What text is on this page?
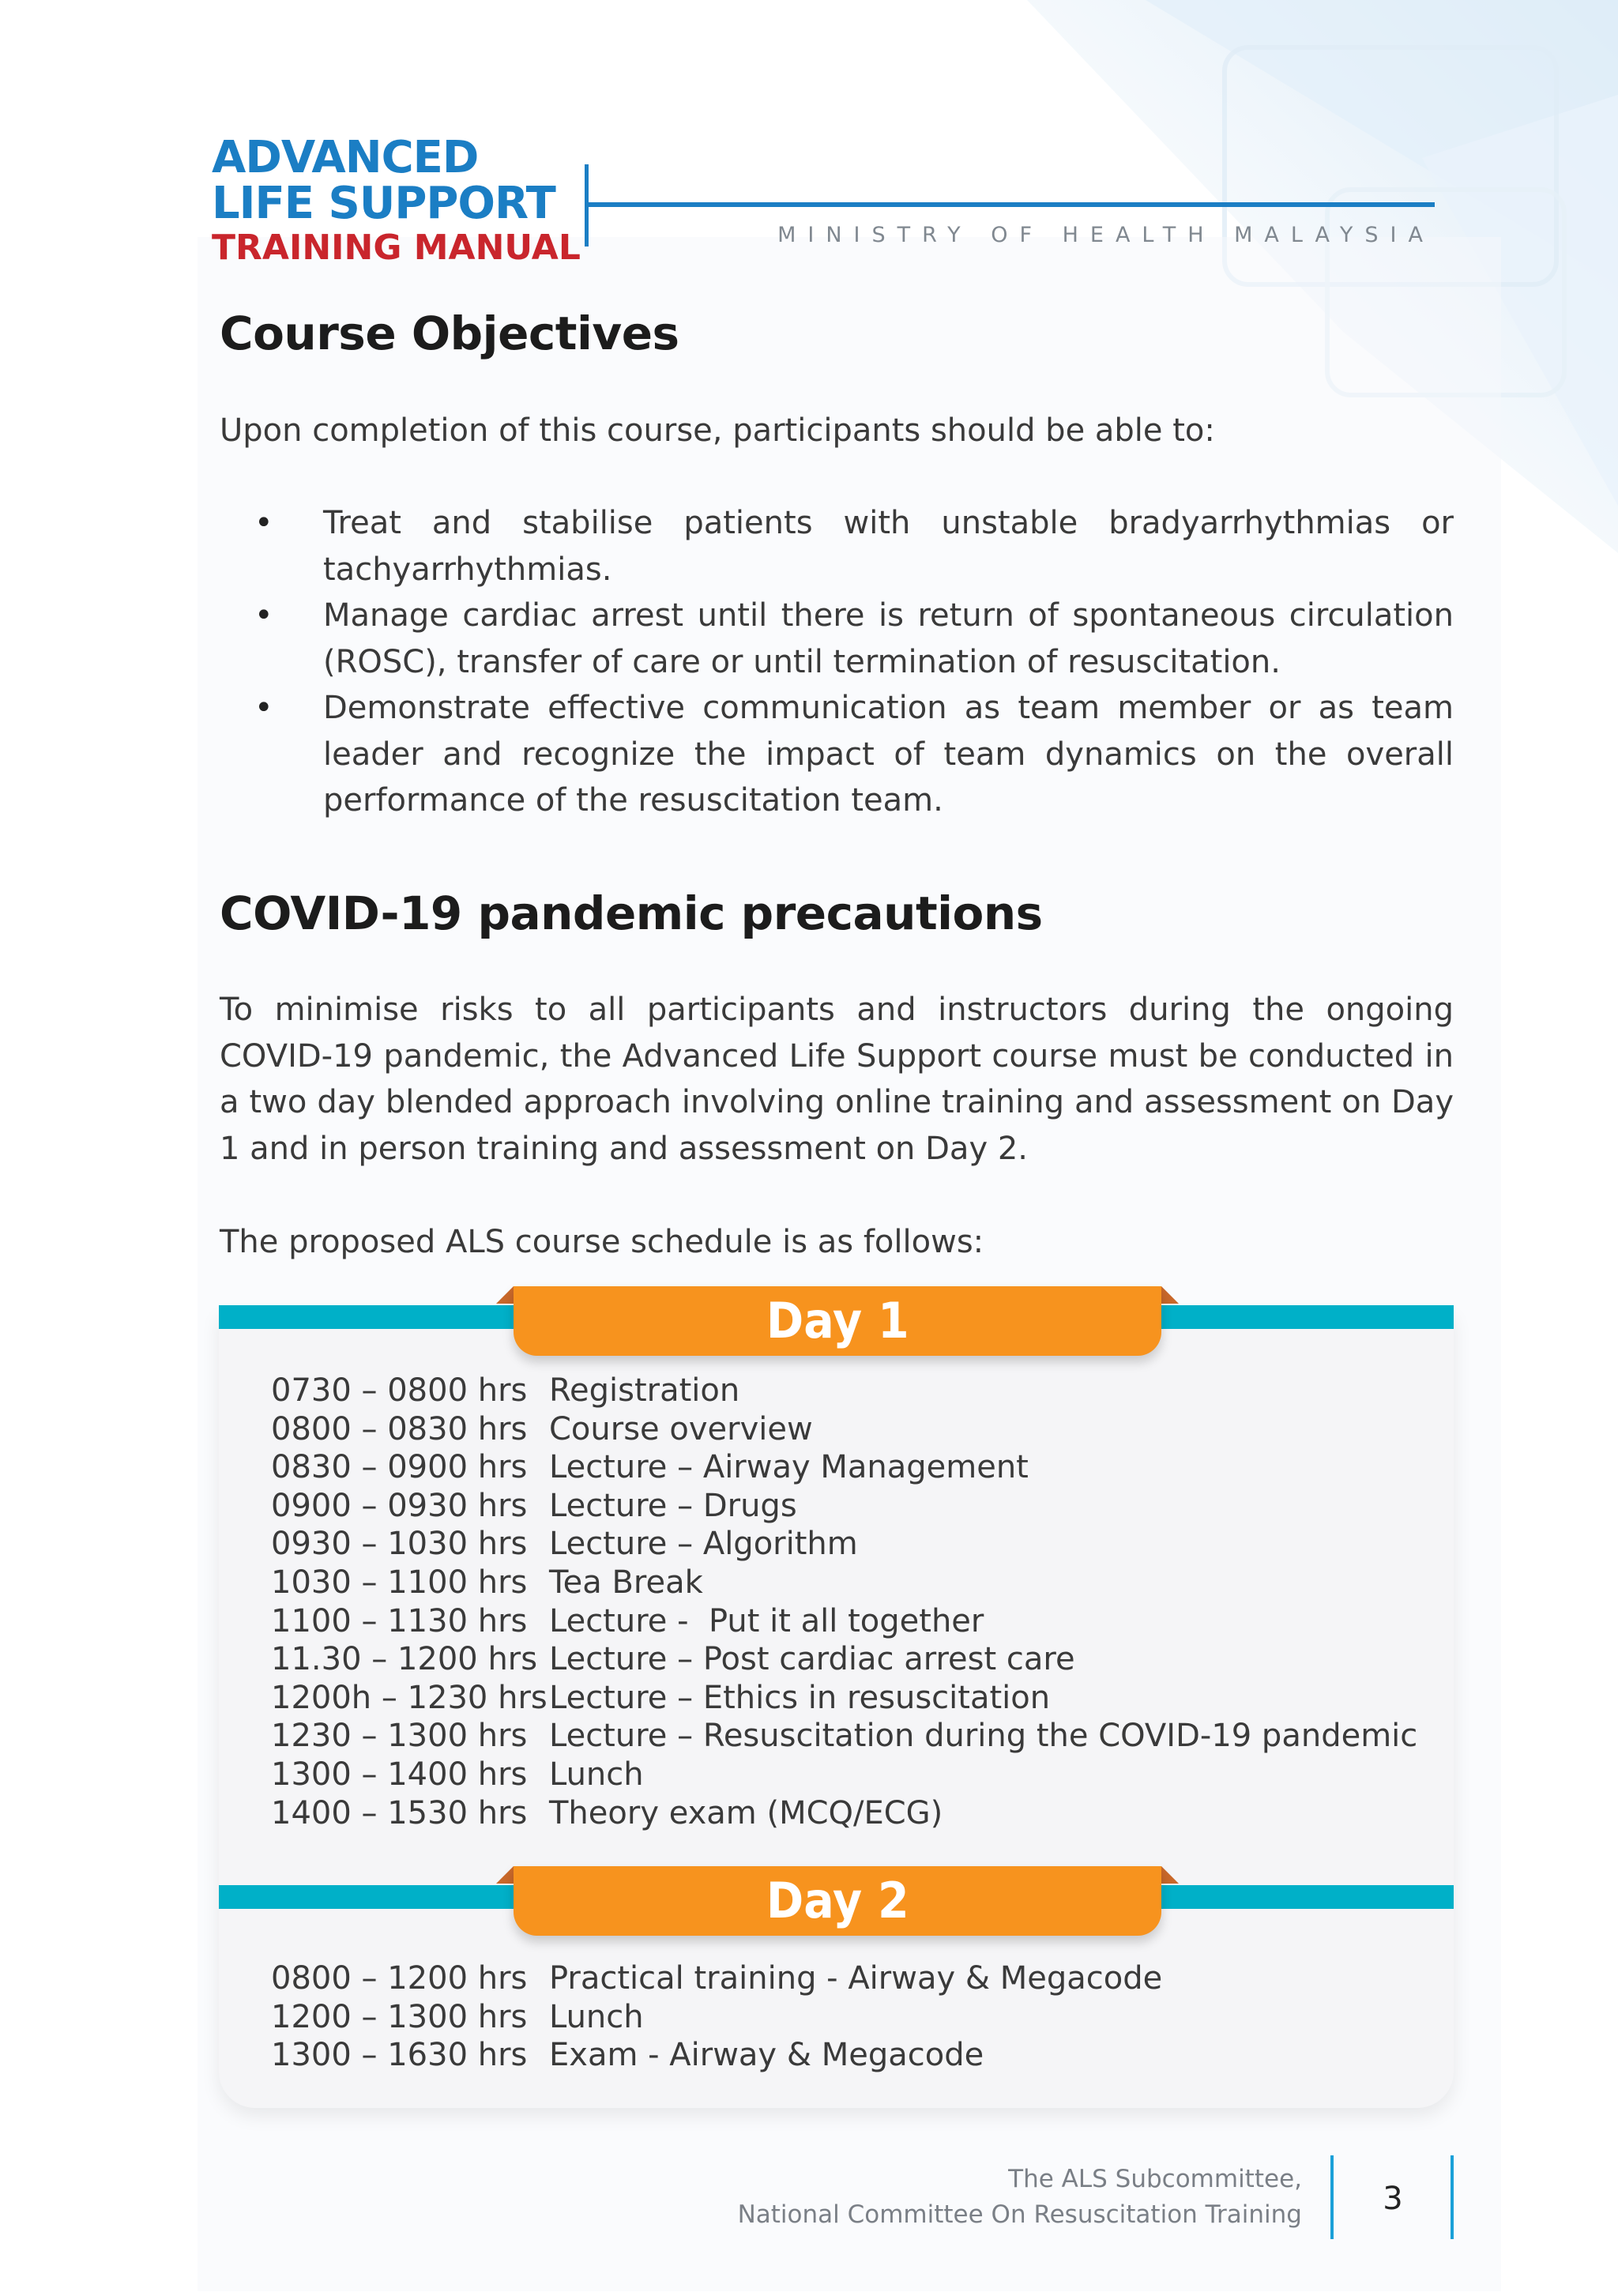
ADVANCED
LIFE SUPPORT
TRAINING MANUAL	MINISTRY OF HEALTH MALAYSIA
Course Objectives
Upon completion of this course, participants should be able to:
• Treat and stabilise patients with unstable bradyarrhythmias or tachyarrhythmias.
• Manage cardiac arrest until there is return of spontaneous circulation (ROSC), transfer of care or until termination of resuscitation.
• Demonstrate effective communication as team member or as team leader and recognize the impact of team dynamics on the overall performance of the resuscitation team.
COVID-19 pandemic precautions
To minimise risks to all participants and instructors during the ongoing COVID-19 pandemic, the Advanced Life Support course must be conducted in a two day blended approach involving online training and assessment on Day 1 and in person training and assessment on Day 2.
The proposed ALS course schedule is as follows:
Day 1
0730 – 0800 hrs Registration
0800 – 0830 hrs Course overview
0830 – 0900 hrs Lecture – Airway Management
0900 – 0930 hrs Lecture – Drugs
0930 – 1030 hrs Lecture – Algorithm
1030 – 1100 hrs Tea Break
1100 – 1130 hrs Lecture -  Put it all together
11.30 – 1200 hrs Lecture – Post cardiac arrest care
1200h – 1230 hrsLecture – Ethics in resuscitation
1230 – 1300 hrs Lecture – Resuscitation during the COVID-19 pandemic
1300 – 1400 hrs Lunch
1400 – 1530 hrs Theory exam (MCQ/ECG)
Day 2
0800 – 1200 hrs Practical training - Airway & Megacode
1200 – 1300 hrs Lunch
1300 – 1630 hrs Exam - Airway & Megacode
The ALS Subcommittee,
National Committee On Resuscitation Training	3
